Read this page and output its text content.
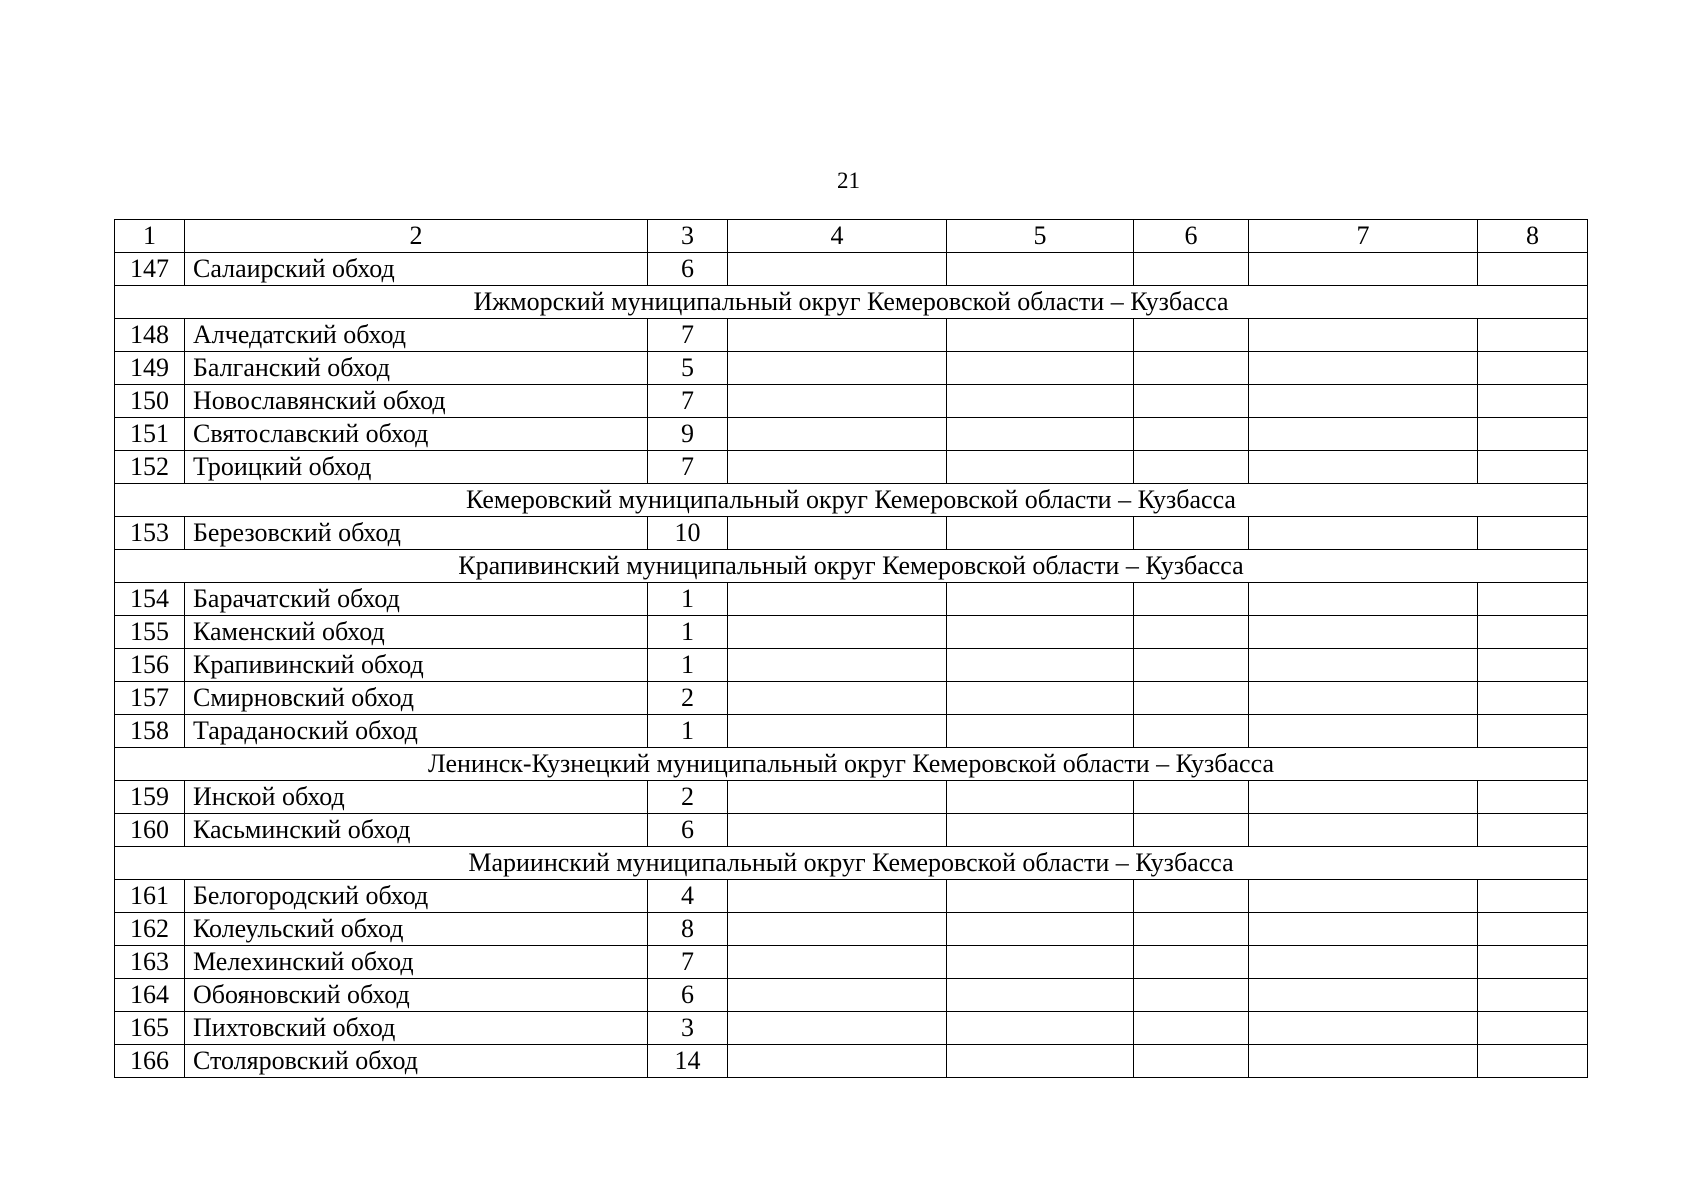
21
1	2	3	4	5	6	7	8
147	Салаирский обход	6					
Ижморский муниципальный округ Кемеровской области – Кузбасса							
148	Алчедатский обход	7					
149	Балганский обход	5					
150	Новославянский обход	7					
151	Святославский обход	9					
152	Троицкий обход	7					
Кемеровский муниципальный округ Кемеровской области – Кузбасса							
153	Березовский обход	10					
Крапивинский муниципальный округ Кемеровской области – Кузбасса							
154	Барачатский обход	1					
155	Каменский обход	1					
156	Крапивинский обход	1					
157	Смирновский обход	2					
158	Тараданоский обход	1					
Ленинск-Кузнецкий муниципальный округ Кемеровской области – Кузбасса							
159	Инской обход	2					
160	Касьминский обход	6					
Мариинский муниципальный округ Кемеровской области – Кузбасса							
161	Белогородский обход	4					
162	Колеульский обход	8					
163	Мелехинский обход	7					
164	Обояновский обход	6					
165	Пихтовский обход	3					
166	Столяровский обход	14					
